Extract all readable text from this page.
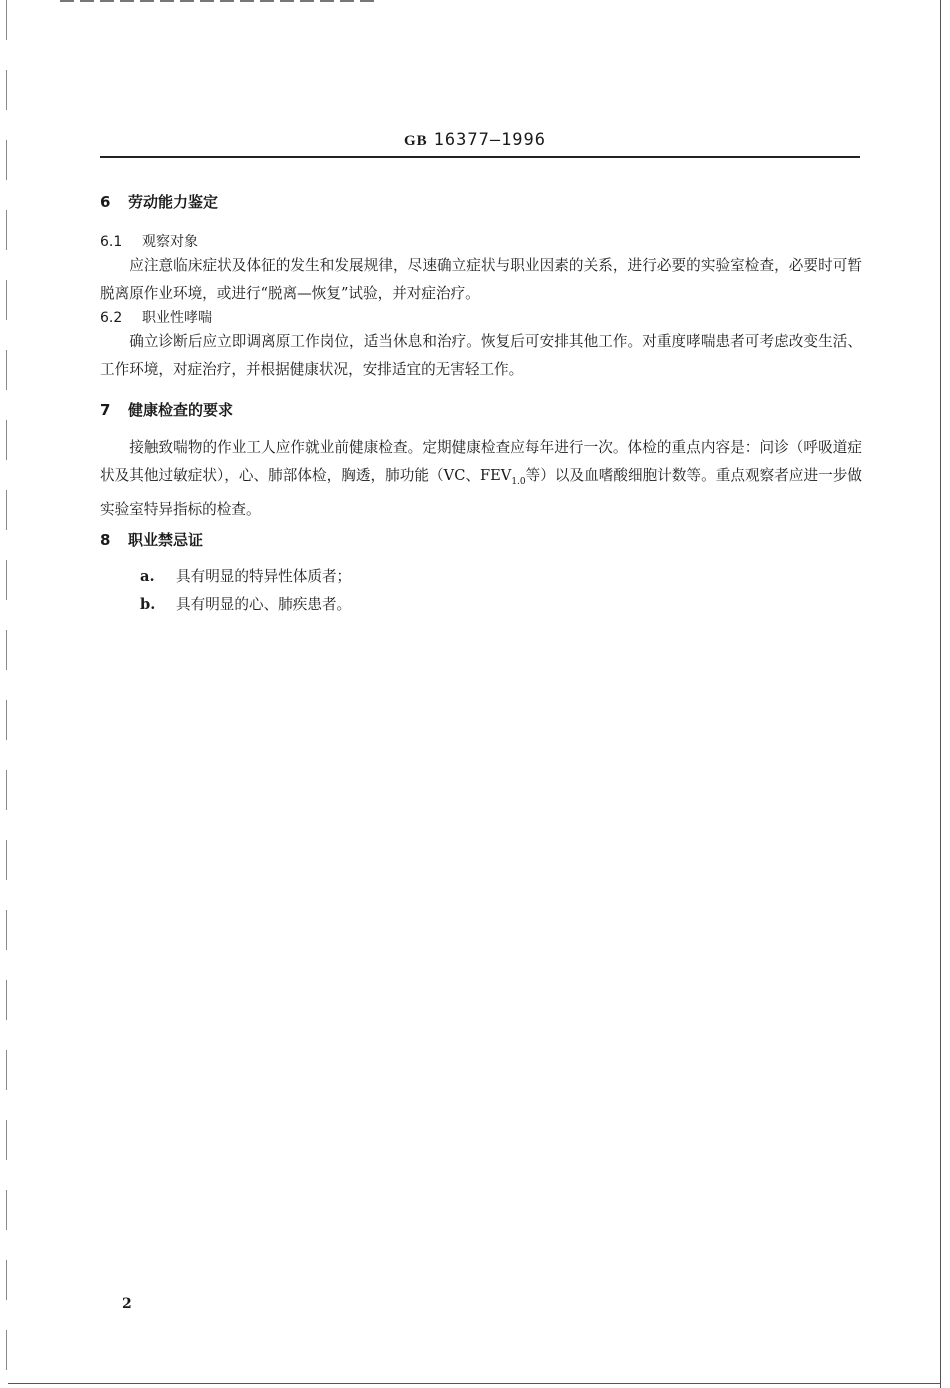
GB 16377—1996
6 劳动能力鉴定
6.1 观察对象
应注意临床症状及体征的发生和发展规律，尽速确立症状与职业因素的关系，进行必要的实验室检查，必要时可暂脱离原作业环境，或进行“脱离—恢复”试验，并对症治疗。
6.2 职业性哮喘
确立诊断后应立即调离原工作岗位，适当休息和治疗。恢复后可安排其他工作。对重度哮喘患者可考虑改变生活、工作环境，对症治疗，并根据健康状况，安排适宜的无害轻工作。
7 健康检查的要求
接触致喘物的作业工人应作就业前健康检查。定期健康检查应每年进行一次。体检的重点内容是：问诊（呼吸道症状及其他过敏症状），心、肺部体检，胸透，肺功能（VC、$FEV_{1.0}$等）以及血嗜酸细胞计数等。重点观察者应进一步做实验室特异指标的检查。
8 职业禁忌证
a. 具有明显的特异性体质者；
b. 具有明显的心、肺疾患者。
2
